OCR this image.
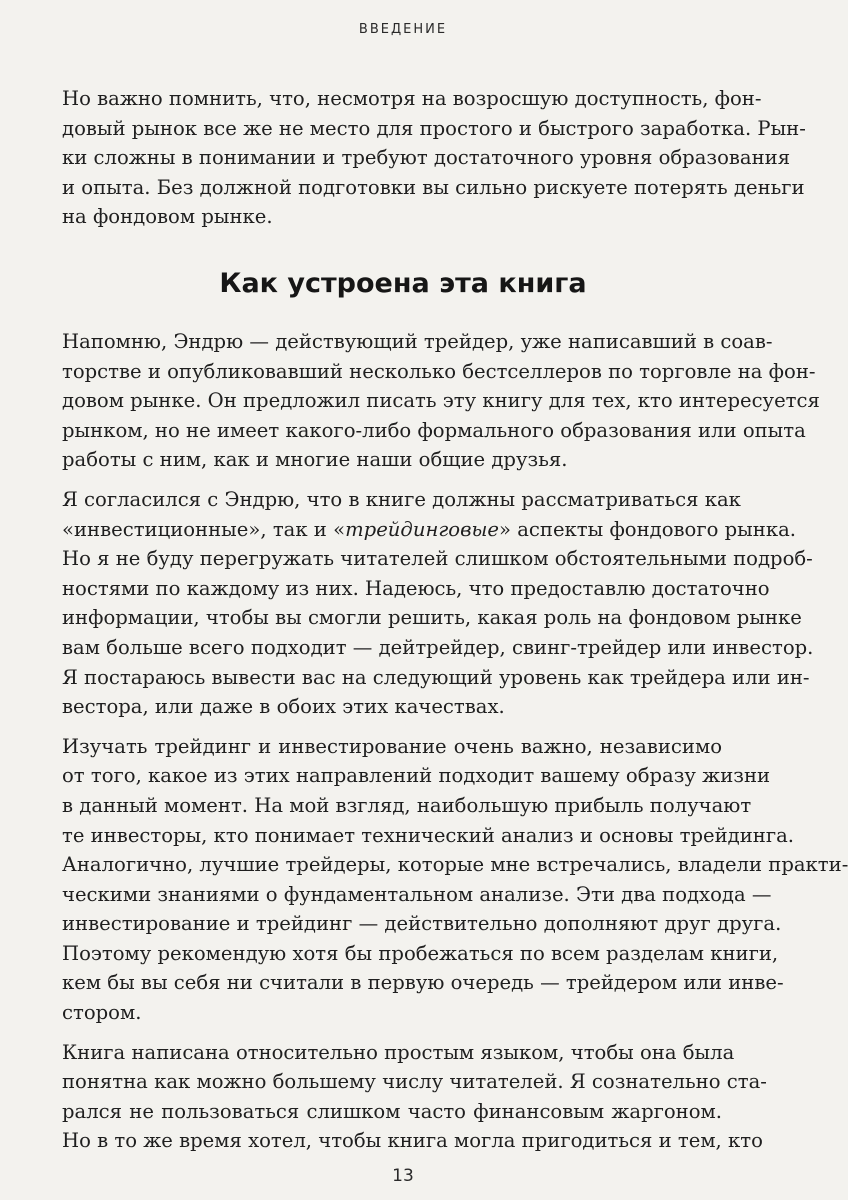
ВВЕДЕНИЕ

Но важно помнить, что, несмотря на возросшую доступность, фон-
довый рынок все же не место для простого и быстрого заработка. Рын-
ки сложны в понимании и требуют достаточного уровня образования
и опыта. Без должной подготовки вы сильно рискуете потерять деньги
на фондовом рынке.

Как устроена эта книга

Напомню, Эндрю — действующий трейдер, уже написавший в соав-
торстве и опубликовавший несколько бестселлеров по торговле на фон-
довом рынке. Он предложил писать эту книгу для тех, кто интересуется
рынком, но не имеет какого-либо формального образования или опыта
работы с ним, как и многие наши общие друзья.

Я согласился с Эндрю, что в книге должны рассматриваться как
«инвестиционные», так и «трейдинговые» аспекты фондового рынка.
Но я не буду перегружать читателей слишком обстоятельными подроб-
ностями по каждому из них. Надеюсь, что предоставлю достаточно
информации, чтобы вы смогли решить, какая роль на фондовом рынке
вам больше всего подходит — дейтрейдер, свинг-трейдер или инвестор.
Я постараюсь вывести вас на следующий уровень как трейдера или ин-
вестора, или даже в обоих этих качествах.

Изучать трейдинг и инвестирование очень важно, независимо
от того, какое из этих направлений подходит вашему образу жизни
в данный момент. На мой взгляд, наибольшую прибыль получают
те инвесторы, кто понимает технический анализ и основы трейдинга.
Аналогично, лучшие трейдеры, которые мне встречались, владели практи-
ческими знаниями о фундаментальном анализе. Эти два подхода —
инвестирование и трейдинг — действительно дополняют друг друга.
Поэтому рекомендую хотя бы пробежаться по всем разделам книги,
кем бы вы себя ни считали в первую очередь — трейдером или инве-
стором.

Книга написана относительно простым языком, чтобы она была
понятна как можно большему числу читателей. Я сознательно ста-
рался не пользоваться слишком часто финансовым жаргоном.
Но в то же время хотел, чтобы книга могла пригодиться и тем, кто

13
